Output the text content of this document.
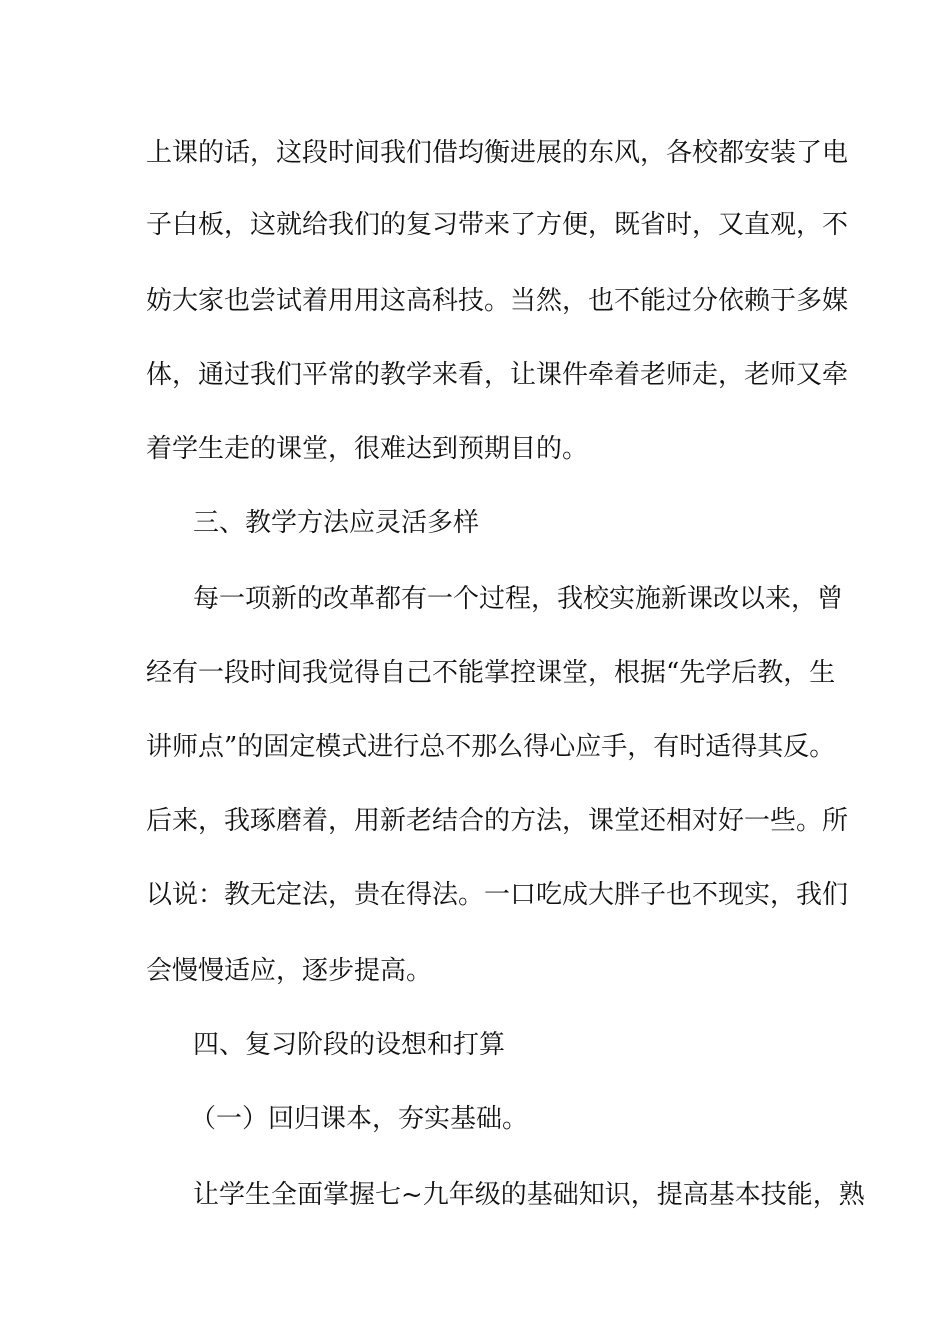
上课的话，这段时间我们借均衡进展的东风，各校都安装了电
子白板，这就给我们的复习带来了方便，既省时，又直观，不
妨大家也尝试着用用这高科技。当然，也不能过分依赖于多媒
体，通过我们平常的教学来看，让课件牵着老师走，老师又牵
着学生走的课堂，很难达到预期目的。
三、教学方法应灵活多样
每一项新的改革都有一个过程，我校实施新课改以来，曾
经有一段时间我觉得自己不能掌控课堂，根据“先学后教，生
讲师点”的固定模式进行总不那么得心应手，有时适得其反。
后来，我琢磨着，用新老结合的方法，课堂还相对好一些。所
以说：教无定法，贵在得法。一口吃成大胖子也不现实，我们
会慢慢适应，逐步提高。
四、复习阶段的设想和打算
（一）回归课本，夯实基础。
让学生全面掌握七~九年级的基础知识，提高基本技能，熟
